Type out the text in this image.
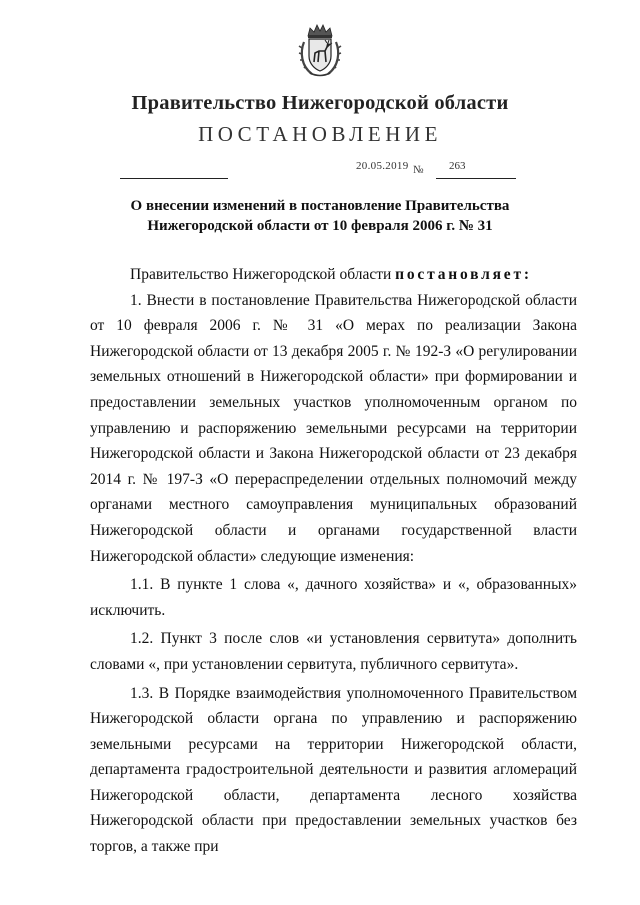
Правительство Нижегородской области
ПОСТАНОВЛЕНИЕ
20.05.2019 № 263
О внесении изменений в постановление Правительства
Нижегородской области от 10 февраля 2006 г. № 31

Правительство Нижегородской области постановляет:

1. Внести в постановление Правительства Нижегородской области от 10 февраля 2006 г. № 31 «О мерах по реализации Закона Нижегородской области от 13 декабря 2005 г. № 192-З «О регулировании земельных отношений в Нижегородской области» при формировании и предоставлении земельных участков уполномоченным органом по управлению и распоряжению земельными ресурсами на территории Нижегородской области и Закона Нижегородской области от 23 декабря 2014 г. № 197-З «О перераспределении отдельных полномочий между органами местного самоуправления муниципальных образований Нижегородской области и органами государственной власти Нижегородской области» следующие изменения:

1.1. В пункте 1 слова «, дачного хозяйства» и «, образованных» исключить.

1.2. Пункт 3 после слов «и установления сервитута» дополнить словами «, при установлении сервитута, публичного сервитута».

1.3. В Порядке взаимодействия уполномоченного Правительством Нижегородской области органа по управлению и распоряжению земельными ресурсами на территории Нижегородской области, департамента градостроительной деятельности и развития агломераций Нижегородской области, департамента лесного хозяйства Нижегородской области при предоставлении земельных участков без торгов, а также при
